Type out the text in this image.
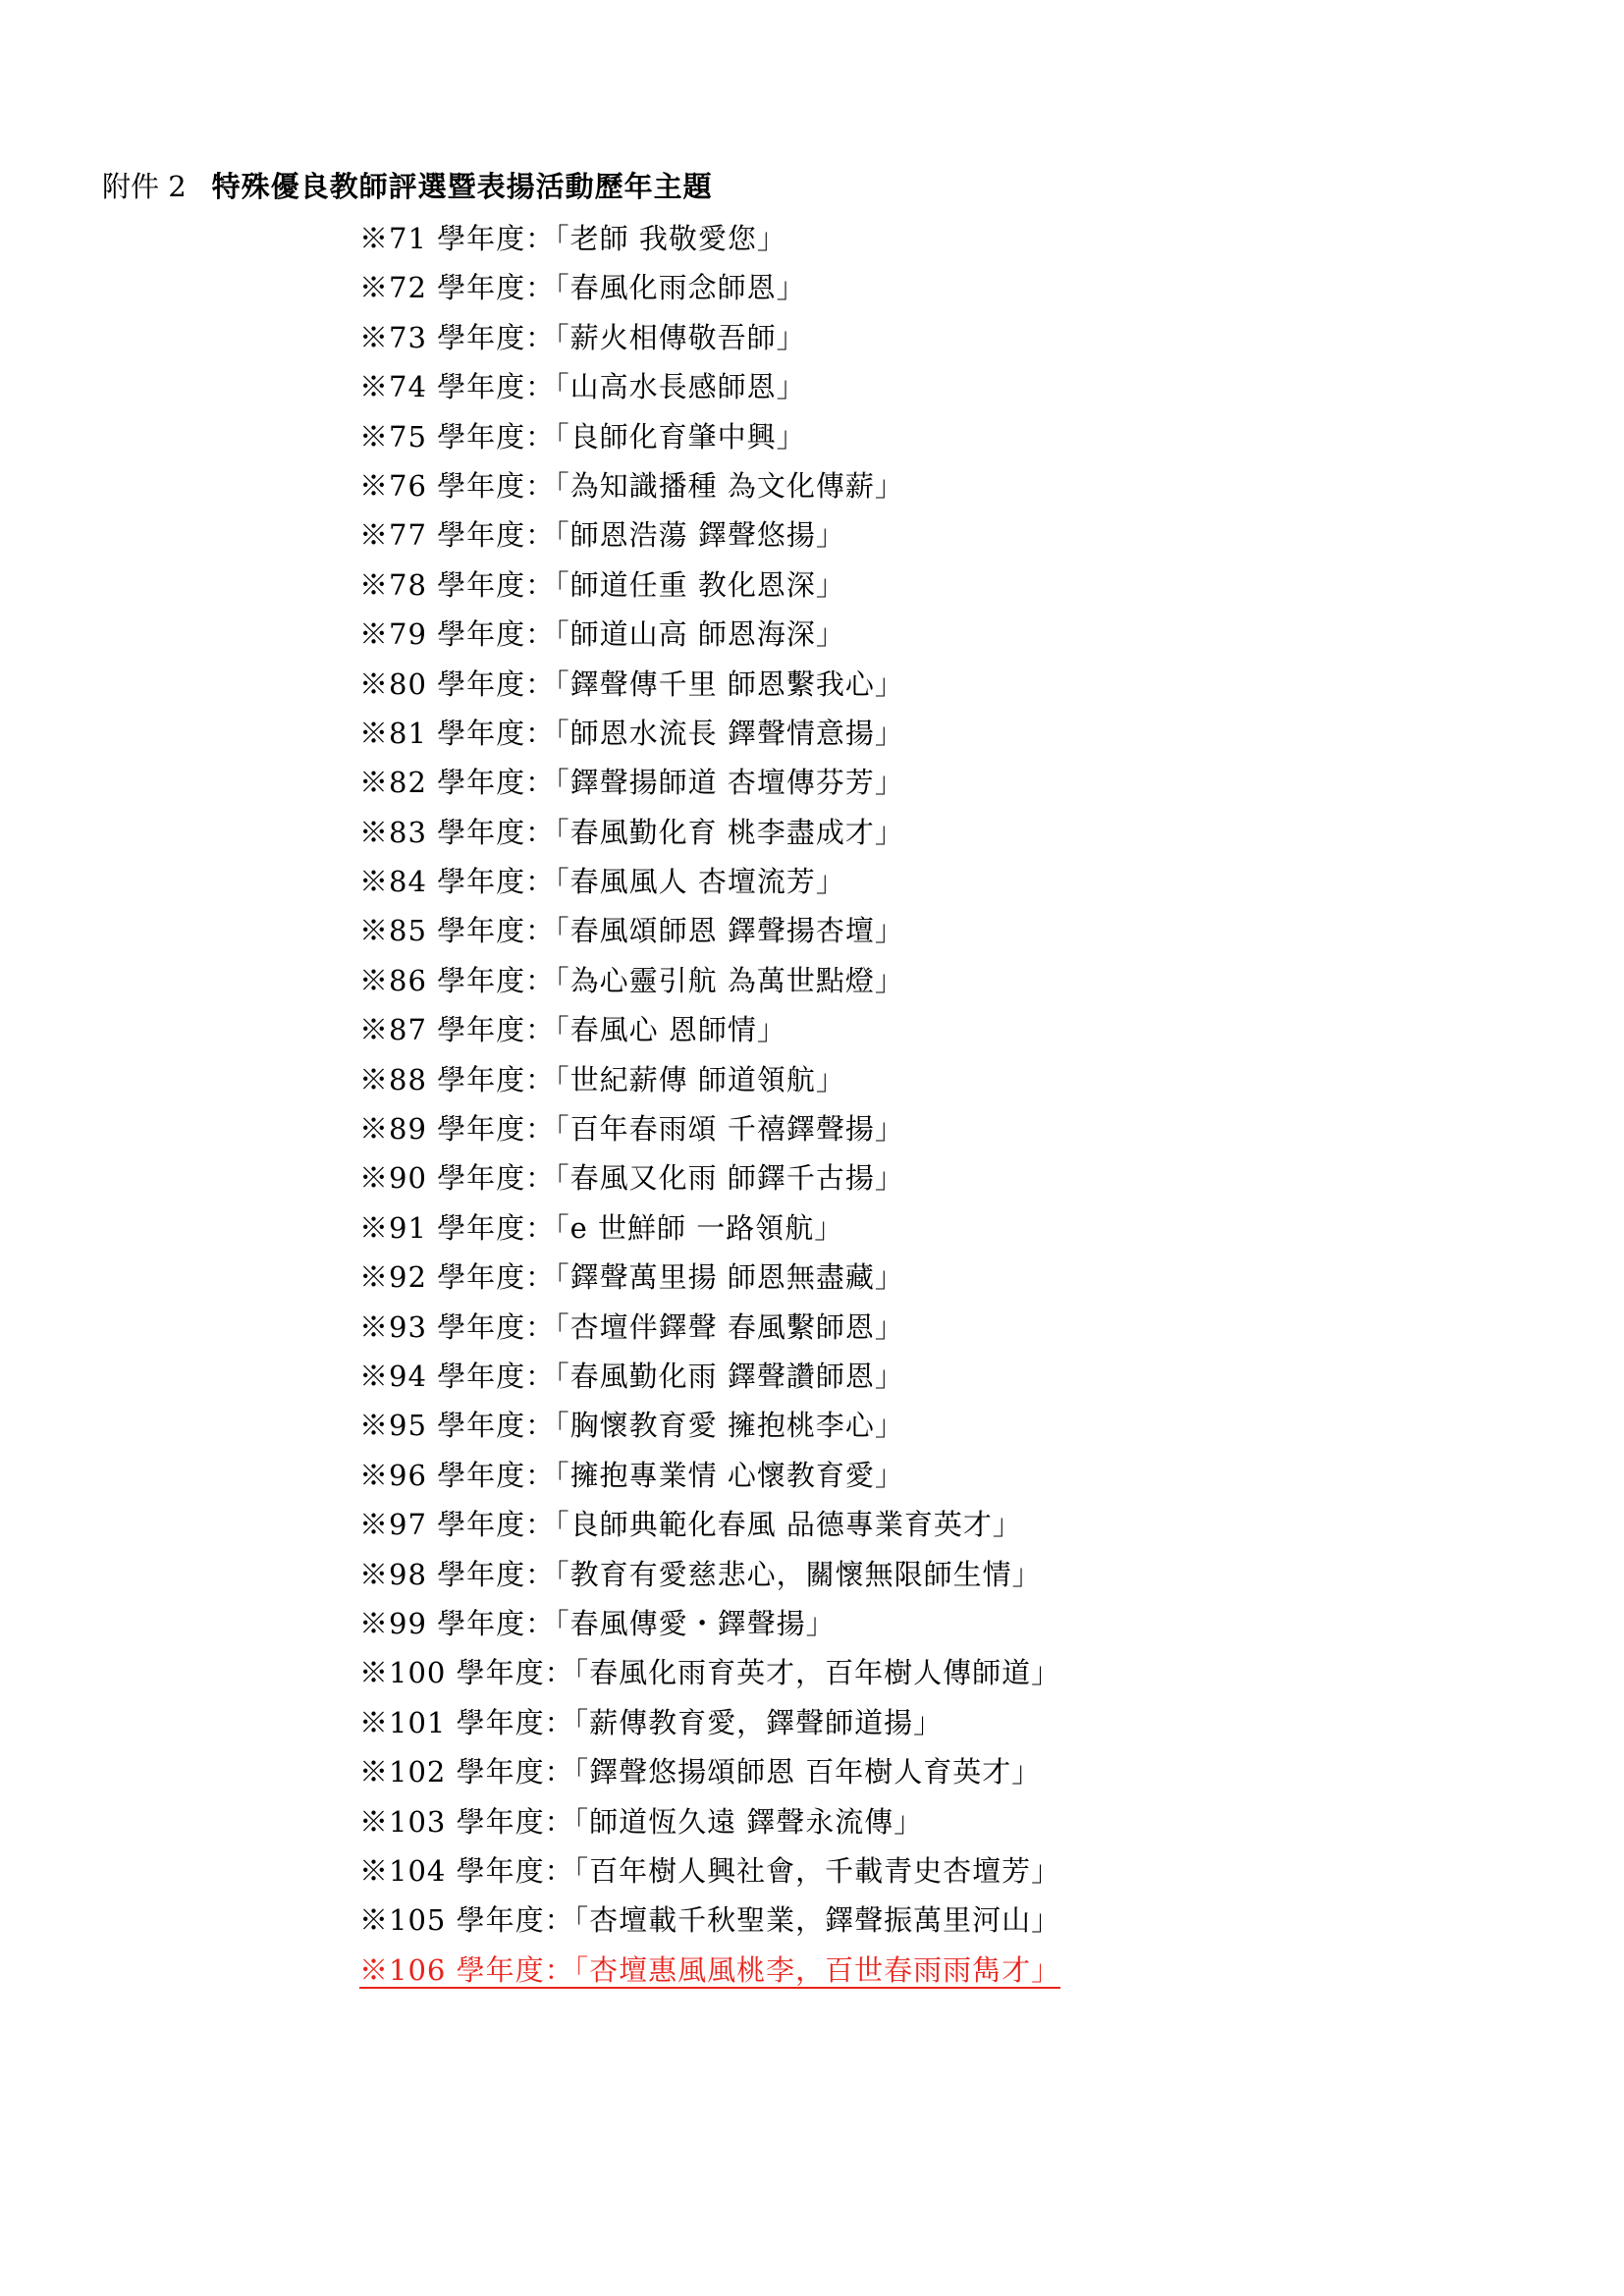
附件 2 特殊優良教師評選暨表揚活動歷年主題
※71 學年度：「老師 我敬愛您」
※72 學年度：「春風化雨念師恩」
※73 學年度：「薪火相傳敬吾師」
※74 學年度：「山高水長感師恩」
※75 學年度：「良師化育肇中興」
※76 學年度：「為知識播種 為文化傳薪」
※77 學年度：「師恩浩蕩 鐸聲悠揚」
※78 學年度：「師道任重 教化恩深」
※79 學年度：「師道山高 師恩海深」
※80 學年度：「鐸聲傳千里 師恩繫我心」
※81 學年度：「師恩水流長 鐸聲情意揚」
※82 學年度：「鐸聲揚師道 杏壇傳芬芳」
※83 學年度：「春風勤化育 桃李盡成才」
※84 學年度：「春風風人 杏壇流芳」
※85 學年度：「春風頌師恩 鐸聲揚杏壇」
※86 學年度：「為心靈引航 為萬世點燈」
※87 學年度：「春風心 恩師情」
※88 學年度：「世紀薪傳 師道領航」
※89 學年度：「百年春雨頌 千禧鐸聲揚」
※90 學年度：「春風又化雨 師鐸千古揚」
※91 學年度：「e 世鮮師 一路領航」
※92 學年度：「鐸聲萬里揚 師恩無盡藏」
※93 學年度：「杏壇伴鐸聲 春風繫師恩」
※94 學年度：「春風勤化雨 鐸聲讚師恩」
※95 學年度：「胸懷教育愛 擁抱桃李心」
※96 學年度：「擁抱專業情 心懷教育愛」
※97 學年度：「良師典範化春風 品德專業育英才」
※98 學年度：「教育有愛慈悲心，關懷無限師生情」
※99 學年度：「春風傳愛・鐸聲揚」
※100 學年度：「春風化雨育英才，百年樹人傳師道」
※101 學年度：「薪傳教育愛，鐸聲師道揚」
※102 學年度：「鐸聲悠揚頌師恩 百年樹人育英才」
※103 學年度：「師道恆久遠 鐸聲永流傳」
※104 學年度：「百年樹人興社會，千載青史杏壇芳」
※105 學年度：「杏壇載千秋聖業，鐸聲振萬里河山」
※106 學年度：「杏壇惠風風桃李，百世春雨雨雋才」
